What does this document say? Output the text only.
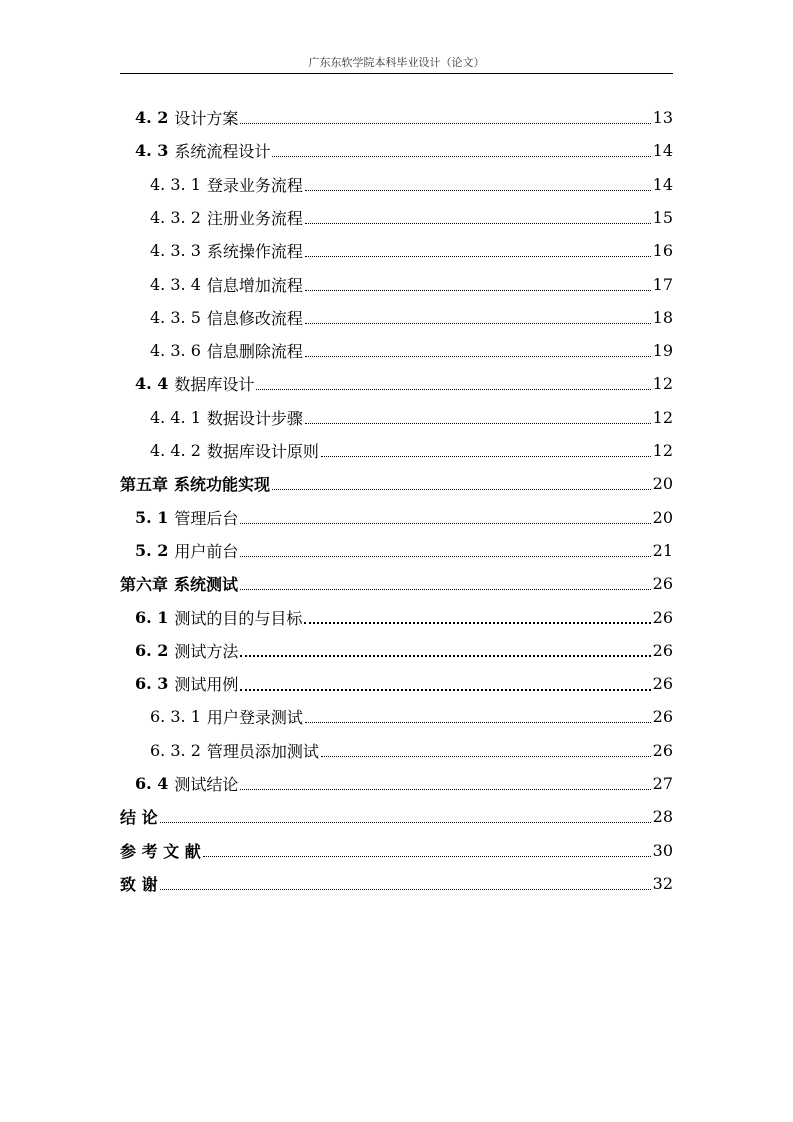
广东东软学院本科毕业设计（论文）
4. 2 设计方案	13
4. 3 系统流程设计	14
4. 3. 1 登录业务流程	14
4. 3. 2 注册业务流程	15
4. 3. 3 系统操作流程	16
4. 3. 4 信息增加流程	17
4. 3. 5 信息修改流程	18
4. 3. 6 信息删除流程	19
4. 4 数据库设计	12
4. 4. 1 数据设计步骤	12
4. 4. 2 数据库设计原则	12
第五章 系统功能实现	20
5. 1 管理后台	20
5. 2 用户前台	21
第六章 系统测试	26
6. 1 测试的目的与目标	26
6. 2 测试方法	26
6. 3 测试用例	26
6. 3. 1 用户登录测试	26
6. 3. 2 管理员添加测试	26
6. 4 测试结论	27
结 论	28
参 考 文 献	30
致 谢	32
